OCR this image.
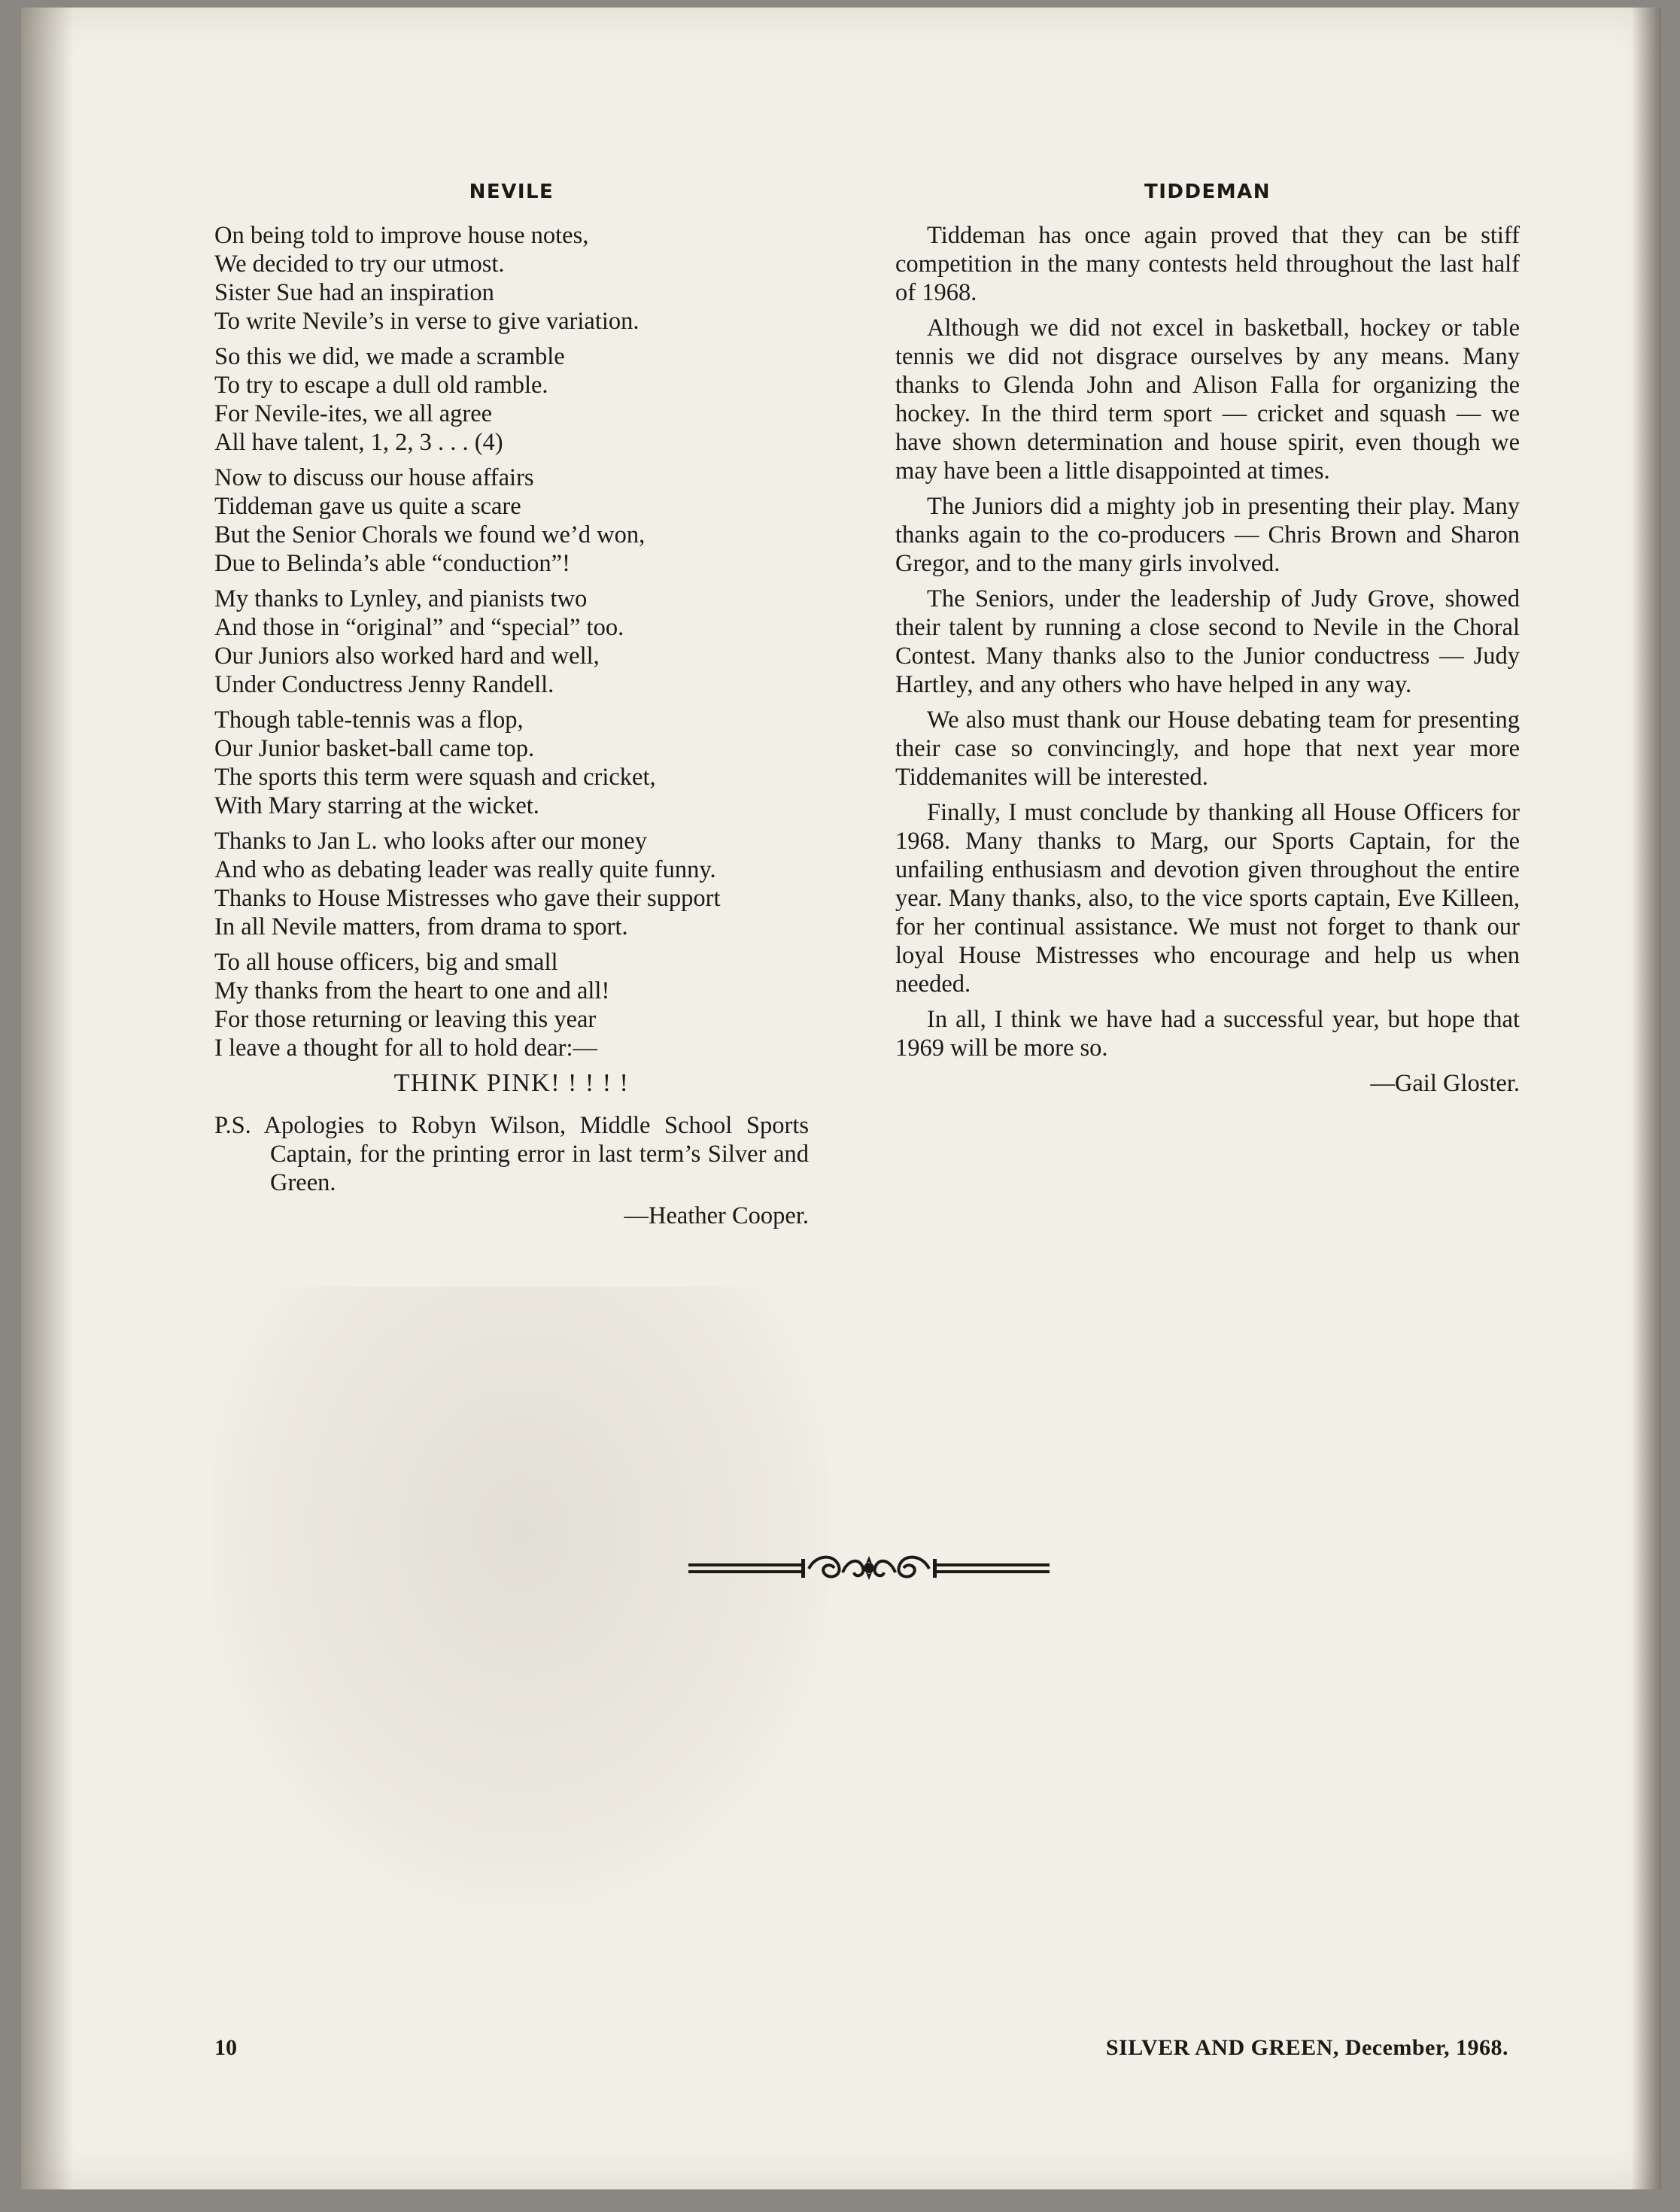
NEVILE
On being told to improve house notes,
We decided to try our utmost.
Sister Sue had an inspiration
To write Nevile’s in verse to give variation.
So this we did, we made a scramble
To try to escape a dull old ramble.
For Nevile-ites, we all agree
All have talent, 1, 2, 3 . . . (4)
Now to discuss our house affairs
Tiddeman gave us quite a scare
But the Senior Chorals we found we’d won,
Due to Belinda’s able “conduction”!
My thanks to Lynley, and pianists two
And those in “original” and “special” too.
Our Juniors also worked hard and well,
Under Conductress Jenny Randell.
Though table-tennis was a flop,
Our Junior basket-ball came top.
The sports this term were squash and cricket,
With Mary starring at the wicket.
Thanks to Jan L. who looks after our money
And who as debating leader was really quite funny.
Thanks to House Mistresses who gave their support
In all Nevile matters, from drama to sport.
To all house officers, big and small
My thanks from the heart to one and all!
For those returning or leaving this year
I leave a thought for all to hold dear:—
THINK PINK! ! ! ! !
P.S. Apologies to Robyn Wilson, Middle School Sports Captain, for the printing error in last term’s Silver and Green.
—Heather Cooper.
TIDDEMAN

Tiddeman has once again proved that they can be stiff competition in the many contests held throughout the last half of 1968.

Although we did not excel in basketball, hockey or table tennis we did not disgrace ourselves by any means. Many thanks to Glenda John and Alison Falla for organizing the hockey. In the third term sport — cricket and squash — we have shown determination and house spirit, even though we may have been a little disappointed at times.

The Juniors did a mighty job in presenting their play. Many thanks again to the co-producers — Chris Brown and Sharon Gregor, and to the many girls involved.

The Seniors, under the leadership of Judy Grove, showed their talent by running a close second to Nevile in the Choral Contest. Many thanks also to the Junior conductress — Judy Hartley, and any others who have helped in any way.

We also must thank our House debating team for presenting their case so convincingly, and hope that next year more Tiddemanites will be interested.

Finally, I must conclude by thanking all House Officers for 1968. Many thanks to Marg, our Sports Captain, for the unfailing enthusiasm and devotion given throughout the entire year. Many thanks, also, to the vice sports captain, Eve Killeen, for her continual assistance. We must not forget to thank our loyal House Mistresses who encourage and help us when needed.

In all, I think we have had a successful year, but hope that 1969 will be more so.

—Gail Gloster.
10	SILVER AND GREEN, December, 1968.
